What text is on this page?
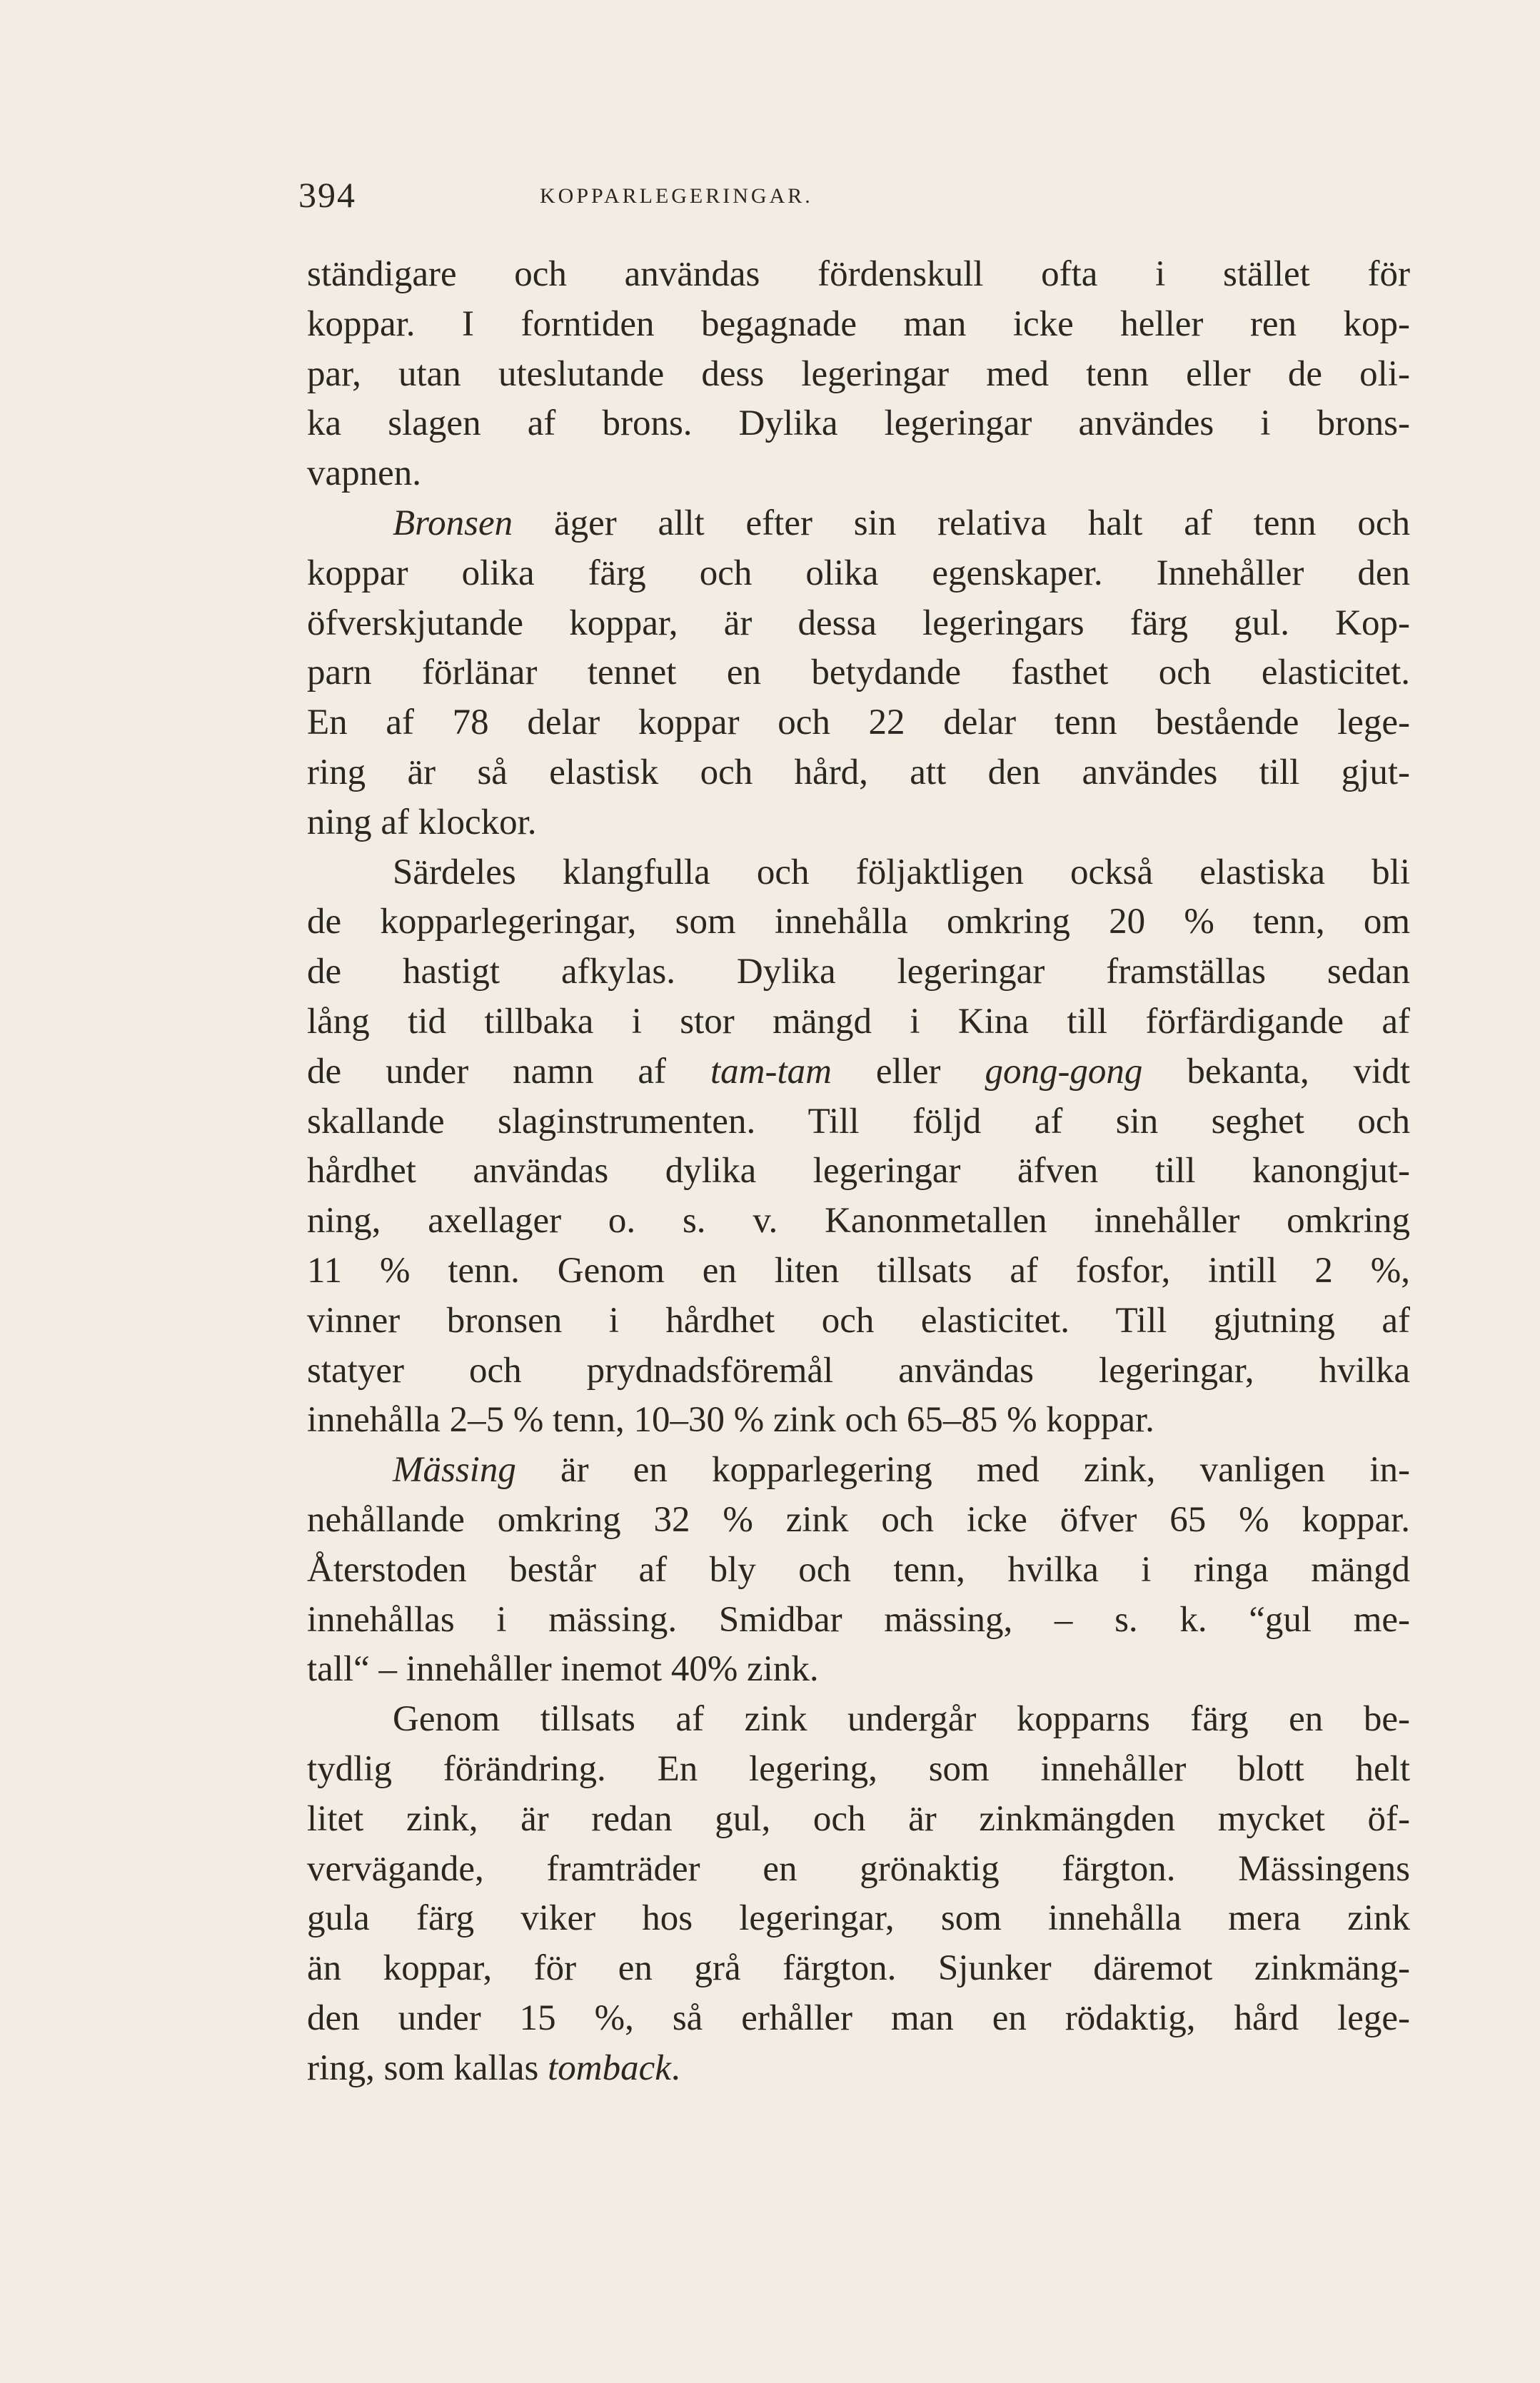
394	KOPPARLEGERINGAR.
ständigare och användas fördenskull ofta i stället för
koppar. I forntiden begagnade man icke heller ren kop-
par, utan uteslutande dess legeringar med tenn eller de oli-
ka slagen af brons. Dylika legeringar användes i brons-
vapnen.
Bronsen äger allt efter sin relativa halt af tenn och
koppar olika färg och olika egenskaper. Innehåller den
öfverskjutande koppar, är dessa legeringars färg gul. Kop-
parn förlänar tennet en betydande fasthet och elasticitet.
En af 78 delar koppar och 22 delar tenn bestående lege-
ring är så elastisk och hård, att den användes till gjut-
ning af klockor.
Särdeles klangfulla och följaktligen också elastiska bli
de kopparlegeringar, som innehålla omkring 20 % tenn, om
de hastigt afkylas. Dylika legeringar framställas sedan
lång tid tillbaka i stor mängd i Kina till förfärdigande af
de under namn af tam-tam eller gong-gong bekanta, vidt
skallande slaginstrumenten. Till följd af sin seghet och
hårdhet användas dylika legeringar äfven till kanongjut-
ning, axellager o. s. v. Kanonmetallen innehåller omkring
11 % tenn. Genom en liten tillsats af fosfor, intill 2 %,
vinner bronsen i hårdhet och elasticitet. Till gjutning af
statyer och prydnadsföremål användas legeringar, hvilka
innehålla 2–5 % tenn, 10–30 % zink och 65–85 % koppar.
Mässing är en kopparlegering med zink, vanligen in-
nehållande omkring 32 % zink och icke öfver 65 % koppar.
Återstoden består af bly och tenn, hvilka i ringa mängd
innehållas i mässing. Smidbar mässing, – s. k. “gul me-
tall“ – innehåller inemot 40% zink.
Genom tillsats af zink undergår kopparns färg en be-
tydlig förändring. En legering, som innehåller blott helt
litet zink, är redan gul, och är zinkmängden mycket öf-
vervägande, framträder en grönaktig färgton. Mässingens
gula färg viker hos legeringar, som innehålla mera zink
än koppar, för en grå färgton. Sjunker däremot zinkmäng-
den under 15 %, så erhåller man en rödaktig, hård lege-
ring, som kallas tomback.
